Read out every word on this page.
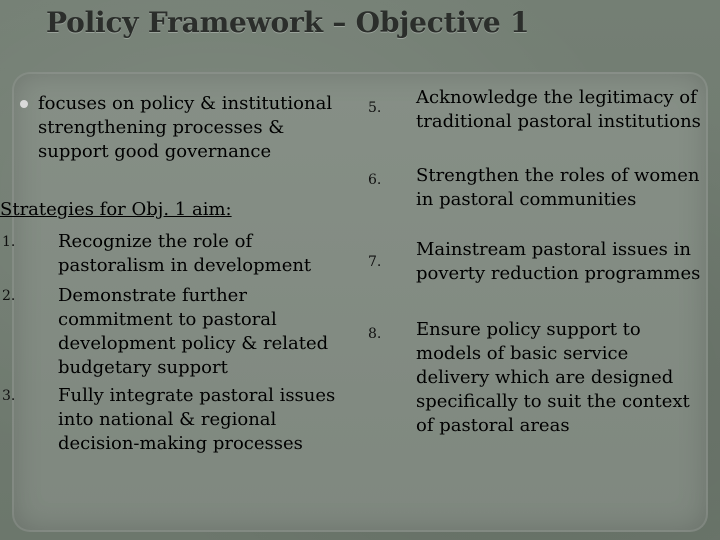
Policy Framework – Objective 1
focuses on policy & institutional strengthening processes & support good governance
Strategies for Obj. 1 aim:
1.	Recognize the role of pastoralism in development
2.	Demonstrate further commitment to pastoral development policy & related budgetary support
3.	Fully integrate pastoral issues into national & regional decision-making processes
5.	Acknowledge the legitimacy of traditional pastoral institutions
6.	Strengthen the roles of women in pastoral communities
7.
Mainstream pastoral issues in poverty reduction programmes
8.	Ensure policy support to models of basic service delivery which are designed specifically to suit the context of pastoral areas
